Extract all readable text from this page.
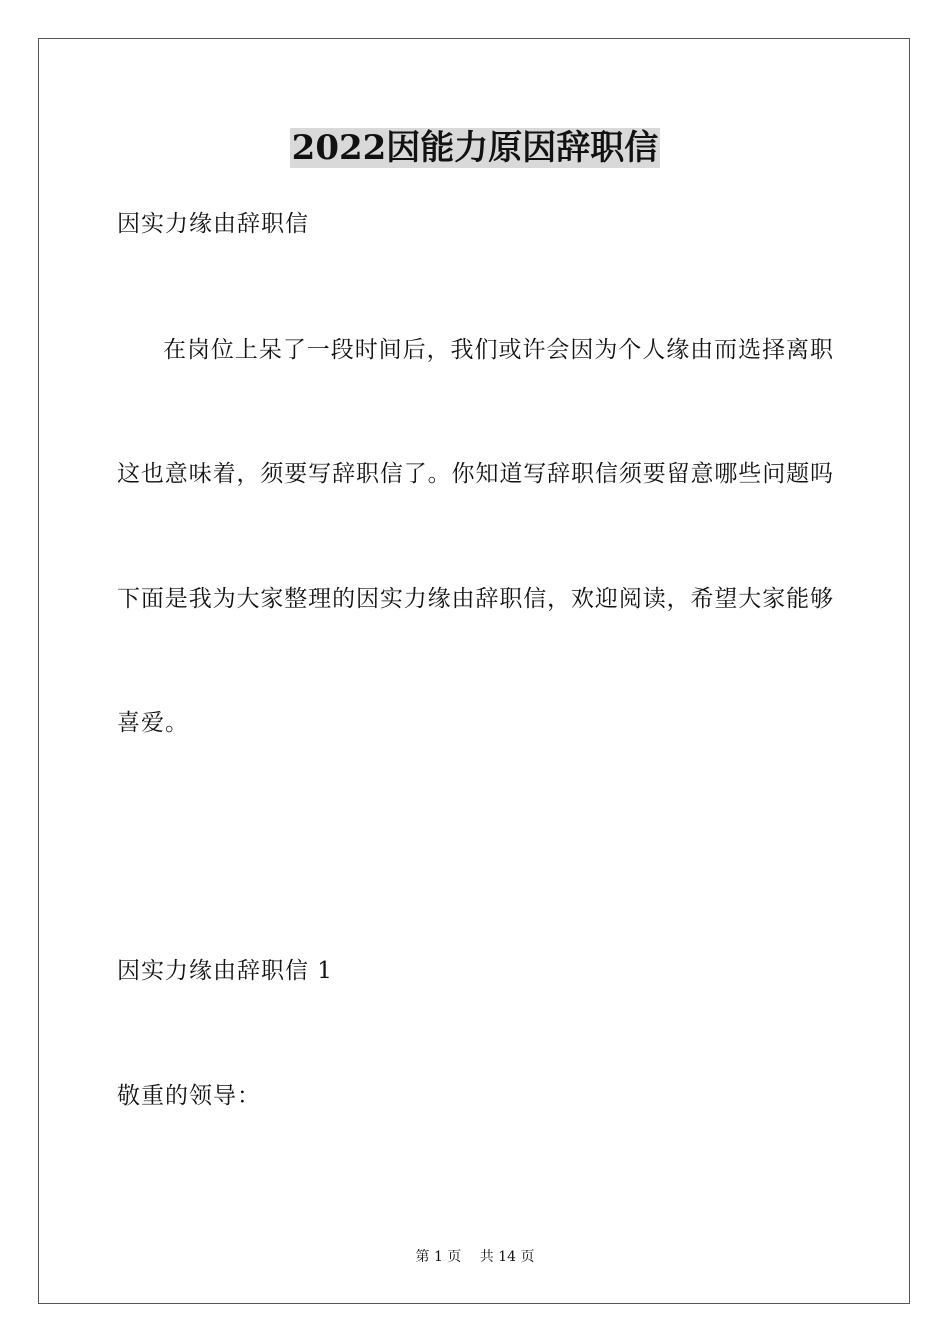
2022因能力原因辞职信
因实力缘由辞职信
在岗位上呆了一段时间后，我们或许会因为个人缘由而选择离职
这也意味着，须要写辞职信了。你知道写辞职信须要留意哪些问题吗
下面是我为大家整理的因实力缘由辞职信，欢迎阅读，希望大家能够
喜爱。
因实力缘由辞职信 1
敬重的领导：
第 1 页　 共 14 页
